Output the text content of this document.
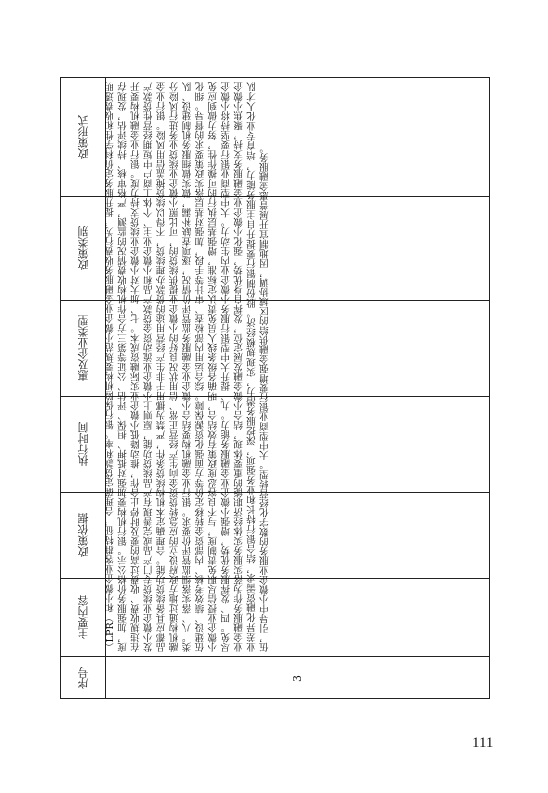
政策形式
政策类别
惠及企业类型
执行时间
政策依据
主要内容
序号	3
（LPR）和小微企业客群特征，合理确定贷款利率。银行保险机构要规范小微企业金融服务收费行为，提升服务定价科学性和收费透明度，加强服务价格公示。银行机构要加强对抵押、担保、评估、公证等第三方合作机构收费情况的监测，严格审核、持续评估，发现存在违规收费、收费过高的要及时停止合作，推动降低小微企业实际融资成本。七、加大对小微企业续贷支持力度。银行业金融机构要开发小微企业续贷专门产品或完善现有产品续贷功能，原则上小微企业流动资金贷款产品和小微企业主、个体工商户中短期经营性贷款产品都应具备续贷功能。合理确定本机构续贷条件，严禁为挪用于非生产经营用途的贷款办理续贷，不得以续贷掩盖信用风险。银行业金融机构通过地方政府设立的应急转贷资金向生产经营正常、信用状况良好的小微企业提供续贷的，可比照小微企业续贷业务进行风险分类。八、落实落细监管评价要求。银行业金融机构要结合小微企业金融服务监管评价情况，逐项查缺补漏，做实做细服务机制建设、队伍建设、绩效考核、内部资金转移定价等方面强化资源保障。综合运用内部检查、审计等手段，加强对基层落实政策要求的督导。细化小微企业授信尽职免责制度，与不良容忍度政策有效结合，明确各级条线人员免责认定标准，增强基层执行的可操作性，努力做到应免尽免。四、发挥服务优势，增强小微企业金融服务能力。九、提升大中型银行服务小微企业内生动力。大中型商业银行要坚持将小微企业金融服务作为落实服务实体经济职能的重要体现，结合小微金融发展定位，发挥自身优势，强化小微企业金融服务支持，聚焦小微企业差异化融资需求，结合银行特长和业务强项，深挖服务潜力，实现规模经济。股份制银行要提升自主服务能力，培育专业化人才队伍，引导中小微企业服务的数字化经营转型。大中型商业银行要增强金融供给的区域协调，因地制宜开展普惠金融服务。
111
